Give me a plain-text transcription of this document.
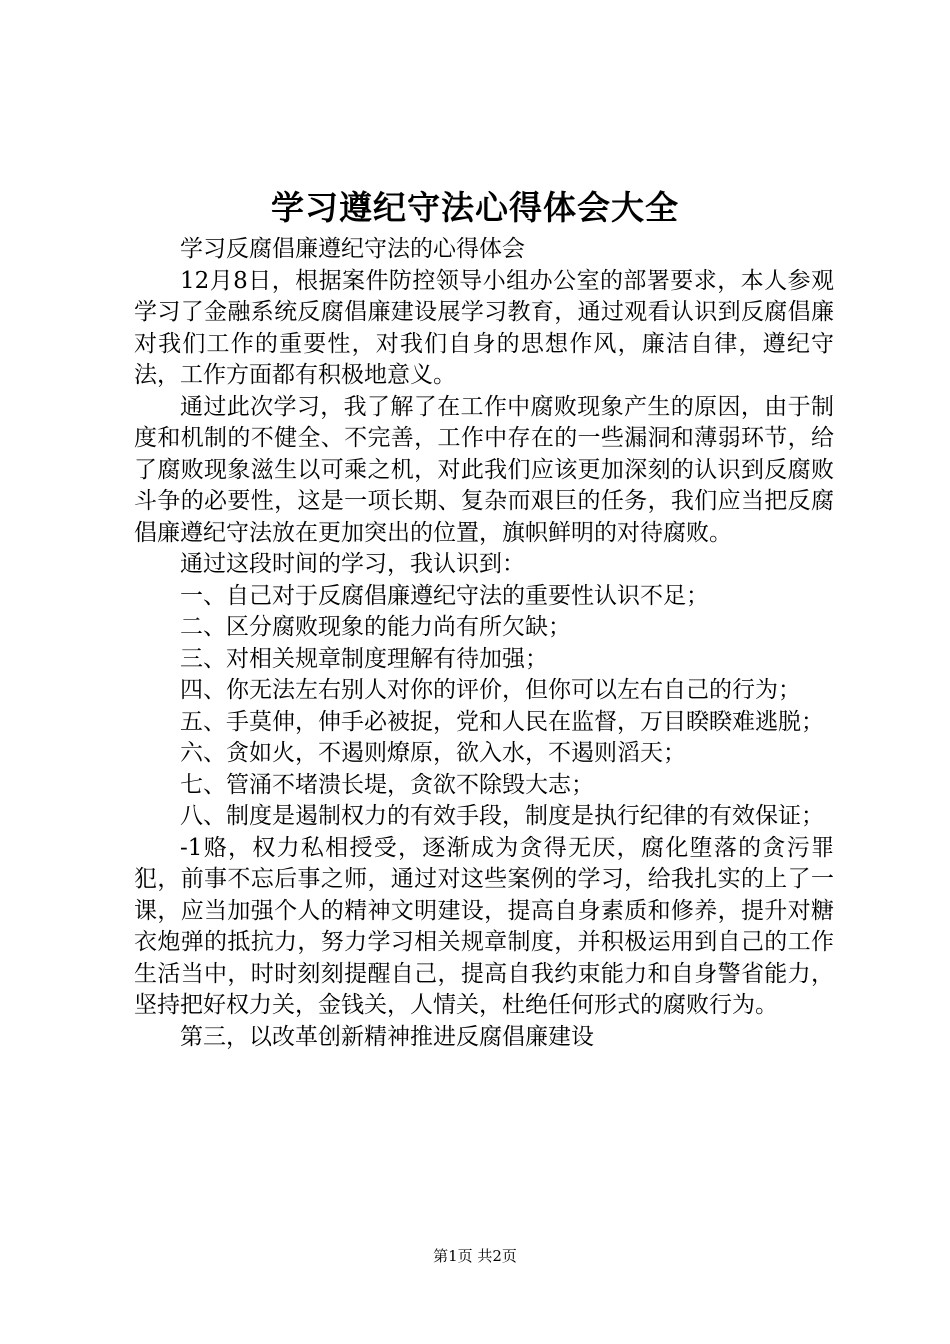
学习遵纪守法心得体会大全

学习反腐倡廉遵纪守法的心得体会

12月8日，根据案件防控领导小组办公室的部署要求，本人参观学习了金融系统反腐倡廉建设展学习教育，通过观看认识到反腐倡廉对我们工作的重要性，对我们自身的思想作风，廉洁自律，遵纪守法，工作方面都有积极地意义。

通过此次学习，我了解了在工作中腐败现象产生的原因，由于制度和机制的不健全、不完善，工作中存在的一些漏洞和薄弱环节，给了腐败现象滋生以可乘之机，对此我们应该更加深刻的认识到反腐败斗争的必要性，这是一项长期、复杂而艰巨的任务，我们应当把反腐倡廉遵纪守法放在更加突出的位置，旗帜鲜明的对待腐败。

通过这段时间的学习，我认识到：

一、自己对于反腐倡廉遵纪守法的重要性认识不足；

二、区分腐败现象的能力尚有所欠缺；

三、对相关规章制度理解有待加强；

四、你无法左右别人对你的评价，但你可以左右自己的行为；

五、手莫伸，伸手必被捉，党和人民在监督，万目睽睽难逃脱；

六、贪如火，不遏则燎原，欲入水，不遏则滔天；

七、管涌不堵溃长堤，贪欲不除毁大志；

八、制度是遏制权力的有效手段，制度是执行纪律的有效保证；

-1赂，权力私相授受，逐渐成为贪得无厌，腐化堕落的贪污罪犯，前事不忘后事之师，通过对这些案例的学习，给我扎实的上了一课，应当加强个人的精神文明建设，提高自身素质和修养，提升对糖衣炮弹的抵抗力，努力学习相关规章制度，并积极运用到自己的工作生活当中，时时刻刻提醒自己，提高自我约束能力和自身警省能力，坚持把好权力关，金钱关，人情关，杜绝任何形式的腐败行为。

第三，以改革创新精神推进反腐倡廉建设

第1页 共2页
